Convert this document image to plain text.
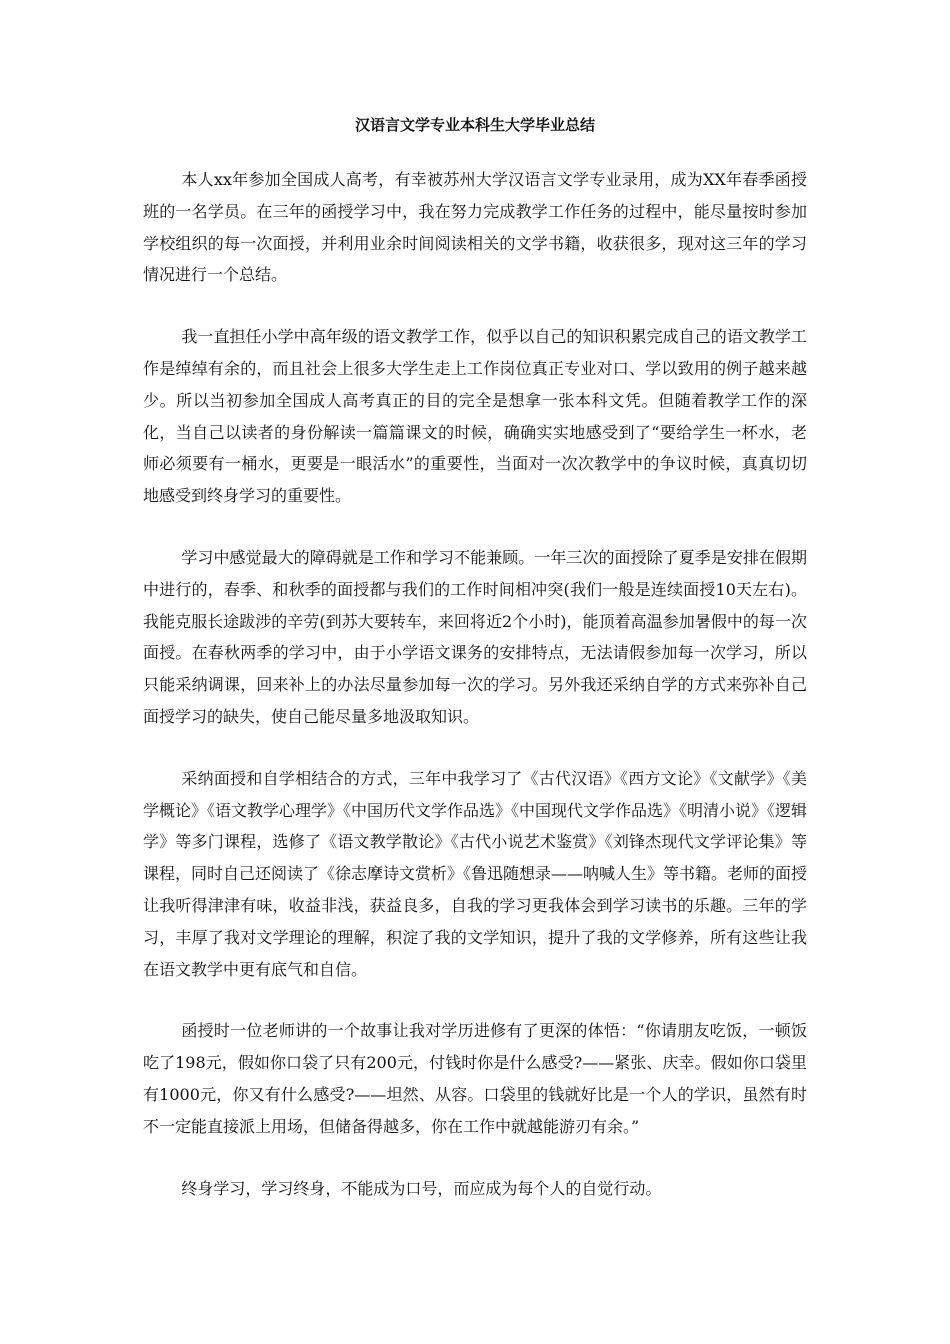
汉语言文学专业本科生大学毕业总结

本人xx年参加全国成人高考，有幸被苏州大学汉语言文学专业录用，成为XX年春季函授班的一名学员。在三年的函授学习中，我在努力完成教学工作任务的过程中，能尽量按时参加学校组织的每一次面授，并利用业余时间阅读相关的文学书籍，收获很多，现对这三年的学习情况进行一个总结。

我一直担任小学中高年级的语文教学工作，似乎以自己的知识积累完成自己的语文教学工作是绰绰有余的，而且社会上很多大学生走上工作岗位真正专业对口、学以致用的例子越来越少。所以当初参加全国成人高考真正的目的完全是想拿一张本科文凭。但随着教学工作的深化，当自己以读者的身份解读一篇篇课文的时候，确确实实地感受到了“要给学生一杯水，老师必须要有一桶水，更要是一眼活水”的重要性，当面对一次次教学中的争议时候，真真切切地感受到终身学习的重要性。

学习中感觉最大的障碍就是工作和学习不能兼顾。一年三次的面授除了夏季是安排在假期中进行的，春季、和秋季的面授都与我们的工作时间相冲突(我们一般是连续面授10天左右)。我能克服长途跋涉的辛劳(到苏大要转车，来回将近2个小时)，能顶着高温参加暑假中的每一次面授。在春秋两季的学习中，由于小学语文课务的安排特点，无法请假参加每一次学习，所以只能采纳调课，回来补上的办法尽量参加每一次的学习。另外我还采纳自学的方式来弥补自己面授学习的缺失，使自己能尽量多地汲取知识。

采纳面授和自学相结合的方式，三年中我学习了《古代汉语》《西方文论》《文献学》《美学概论》《语文教学心理学》《中国历代文学作品选》《中国现代文学作品选》《明清小说》《逻辑学》等多门课程，选修了《语文教学散论》《古代小说艺术鉴赏》《刘锋杰现代文学评论集》等课程，同时自己还阅读了《徐志摩诗文赏析》《鲁迅随想录——呐喊人生》等书籍。老师的面授让我听得津津有味，收益非浅，获益良多，自我的学习更我体会到学习读书的乐趣。三年的学习，丰厚了我对文学理论的理解，积淀了我的文学知识，提升了我的文学修养，所有这些让我在语文教学中更有底气和自信。

函授时一位老师讲的一个故事让我对学历进修有了更深的体悟：“你请朋友吃饭，一顿饭吃了198元，假如你口袋了只有200元，付钱时你是什么感受?——紧张、庆幸。假如你口袋里有1000元，你又有什么感受?——坦然、从容。口袋里的钱就好比是一个人的学识，虽然有时不一定能直接派上用场，但储备得越多，你在工作中就越能游刃有余。”

终身学习，学习终身，不能成为口号，而应成为每个人的自觉行动。
